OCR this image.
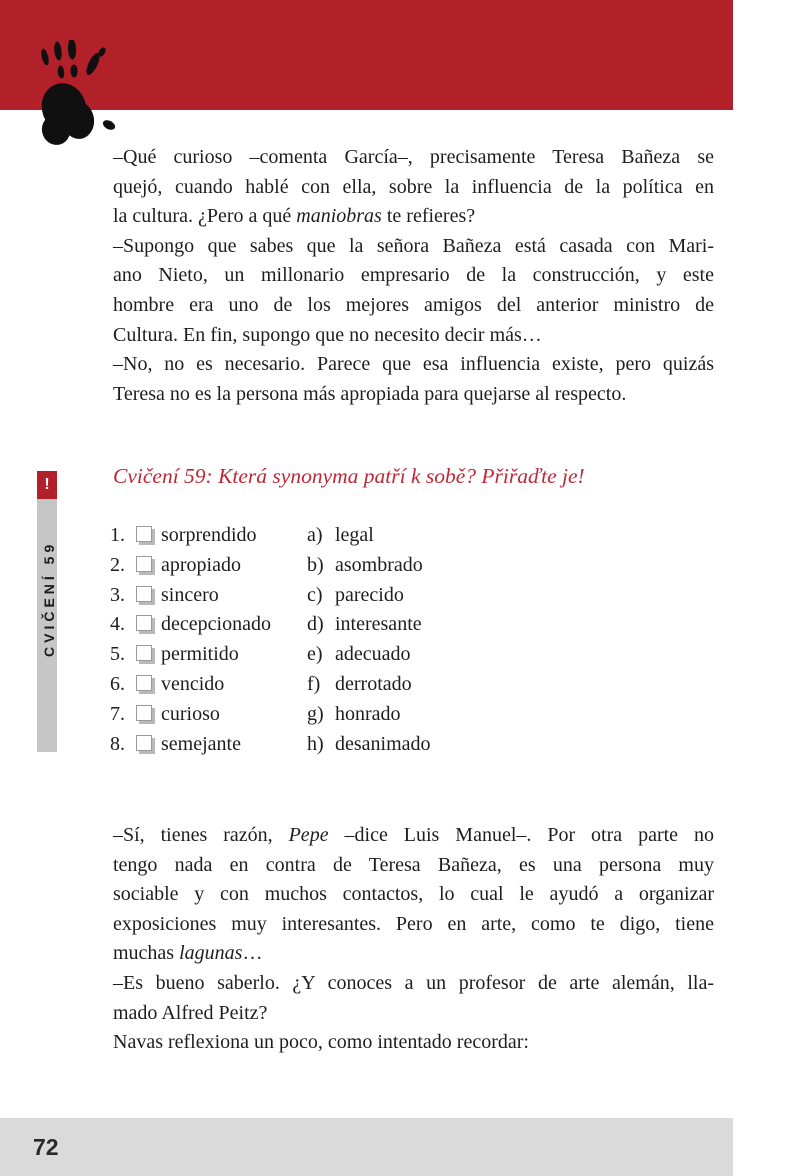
–Qué curioso –comenta García–, precisamente Teresa Bañeza se
quejó, cuando hablé con ella, sobre la influencia de la política en
la cultura. ¿Pero a qué maniobras te refieres?
–Supongo que sabes que la señora Bañeza está casada con Mari-
ano Nieto, un millonario empresario de la construcción, y este
hombre era uno de los mejores amigos del anterior ministro de
Cultura. En fin, supongo que no necesito decir más…
–No, no es necesario. Parece que esa influencia existe, pero quizás
Teresa no es la persona más apropiada para quejarse al respecto.
Cvičení 59: Která synonyma patří k sobě? Přiřaďte je!
!
CVIČENÍ 59
1. sorprendido
2. apropiado
3. sincero
4. decepcionado
5. permitido
6. vencido
7. curioso
8. semejante
a) legal
b) asombrado
c) parecido
d) interesante
e) adecuado
f) derrotado
g) honrado
h) desanimado
–Sí, tienes razón, Pepe –dice Luis Manuel–. Por otra parte no
tengo nada en contra de Teresa Bañeza, es una persona muy
sociable y con muchos contactos, lo cual le ayudó a organizar
exposiciones muy interesantes. Pero en arte, como te digo, tiene
muchas lagunas…
–Es bueno saberlo. ¿Y conoces a un profesor de arte alemán, lla-
mado Alfred Peitz?
Navas reflexiona un poco, como intentado recordar:
72
